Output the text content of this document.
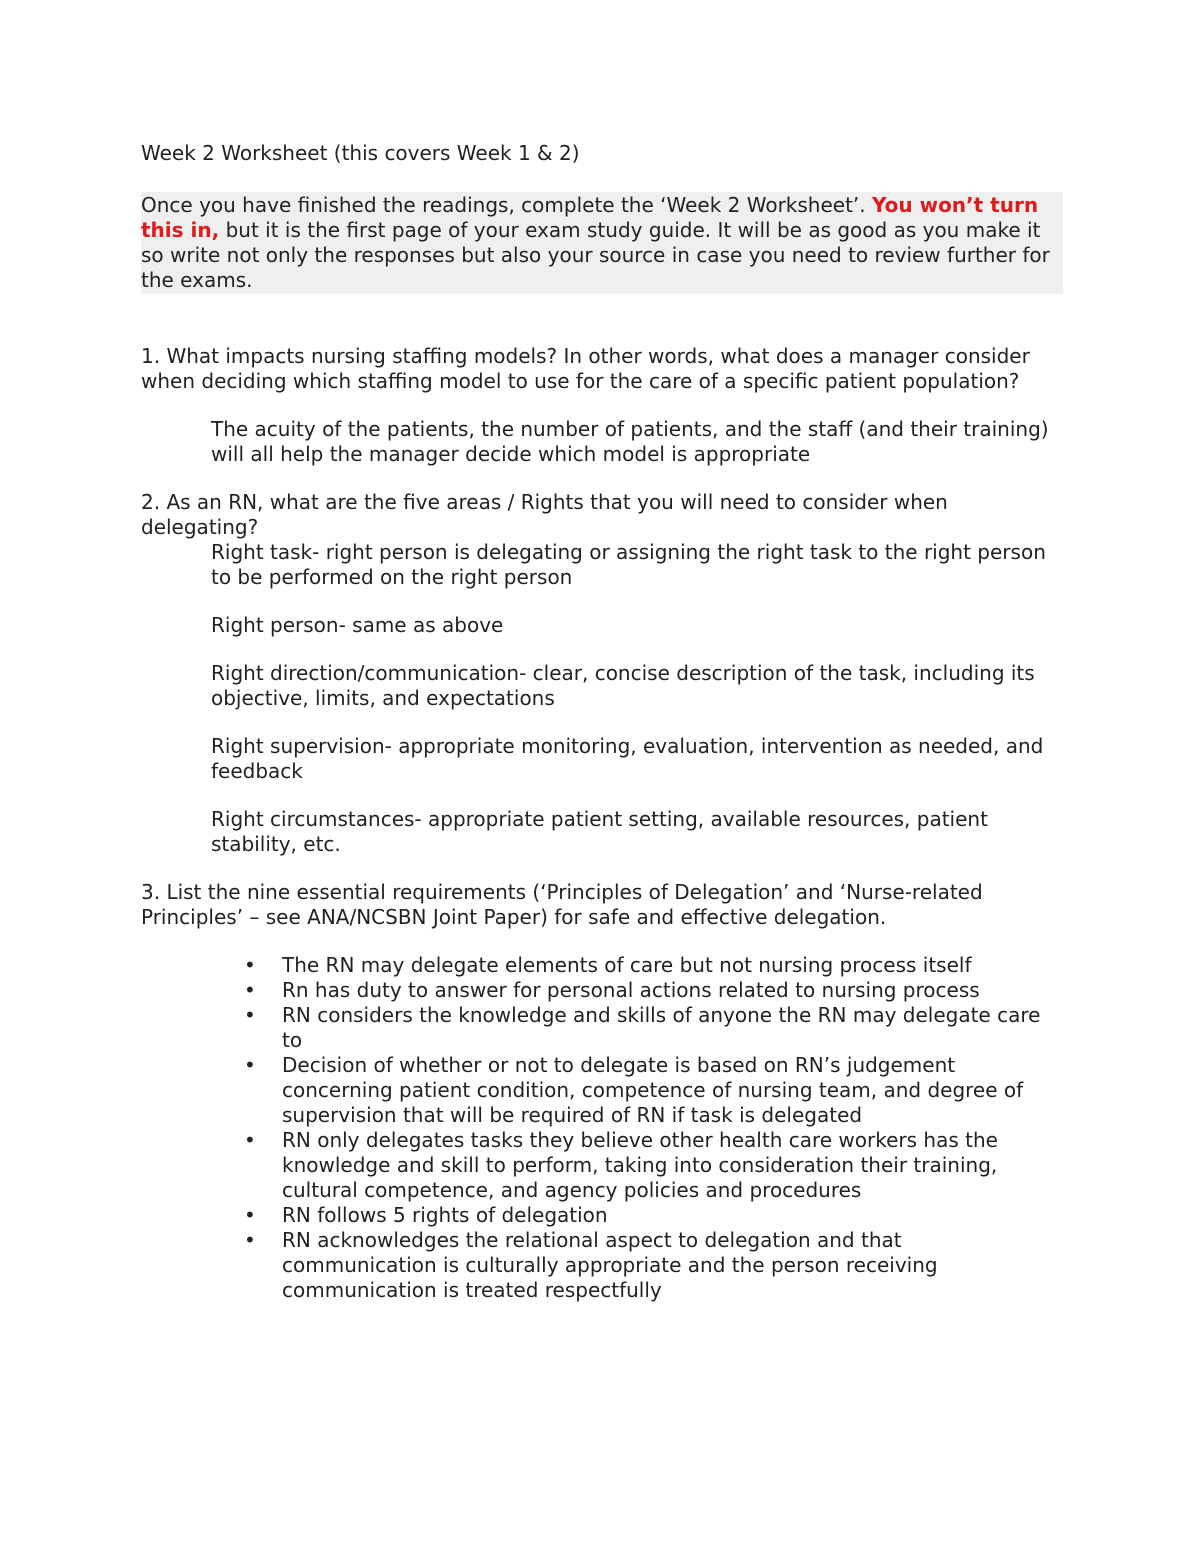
Week 2 Worksheet (this covers Week 1 & 2)

Once you have finished the readings, complete the ‘Week 2 Worksheet’. You won’t turn this in, but it is the first page of your exam study guide. It will be as good as you make it so write not only the responses but also your source in case you need to review further for the exams.

1. What impacts nursing staffing models? In other words, what does a manager consider when deciding which staffing model to use for the care of a specific patient population?

The acuity of the patients, the number of patients, and the staff (and their training) will all help the manager decide which model is appropriate

2. As an RN, what are the five areas / Rights that you will need to consider when delegating?

Right task- right person is delegating or assigning the right task to the right person to be performed on the right person

Right person- same as above

Right direction/communication- clear, concise description of the task, including its objective, limits, and expectations

Right supervision- appropriate monitoring, evaluation, intervention as needed, and feedback

Right circumstances- appropriate patient setting, available resources, patient stability, etc.

3. List the nine essential requirements (‘Principles of Delegation’ and ‘Nurse-related Principles’ – see ANA/NCSBN Joint Paper) for safe and effective delegation.

• The RN may delegate elements of care but not nursing process itself
• Rn has duty to answer for personal actions related to nursing process
• RN considers the knowledge and skills of anyone the RN may delegate care to
• Decision of whether or not to delegate is based on RN’s judgement concerning patient condition, competence of nursing team, and degree of supervision that will be required of RN if task is delegated
• RN only delegates tasks they believe other health care workers has the knowledge and skill to perform, taking into consideration their training, cultural competence, and agency policies and procedures
• RN follows 5 rights of delegation
• RN acknowledges the relational aspect to delegation and that communication is culturally appropriate and the person receiving communication is treated respectfully
